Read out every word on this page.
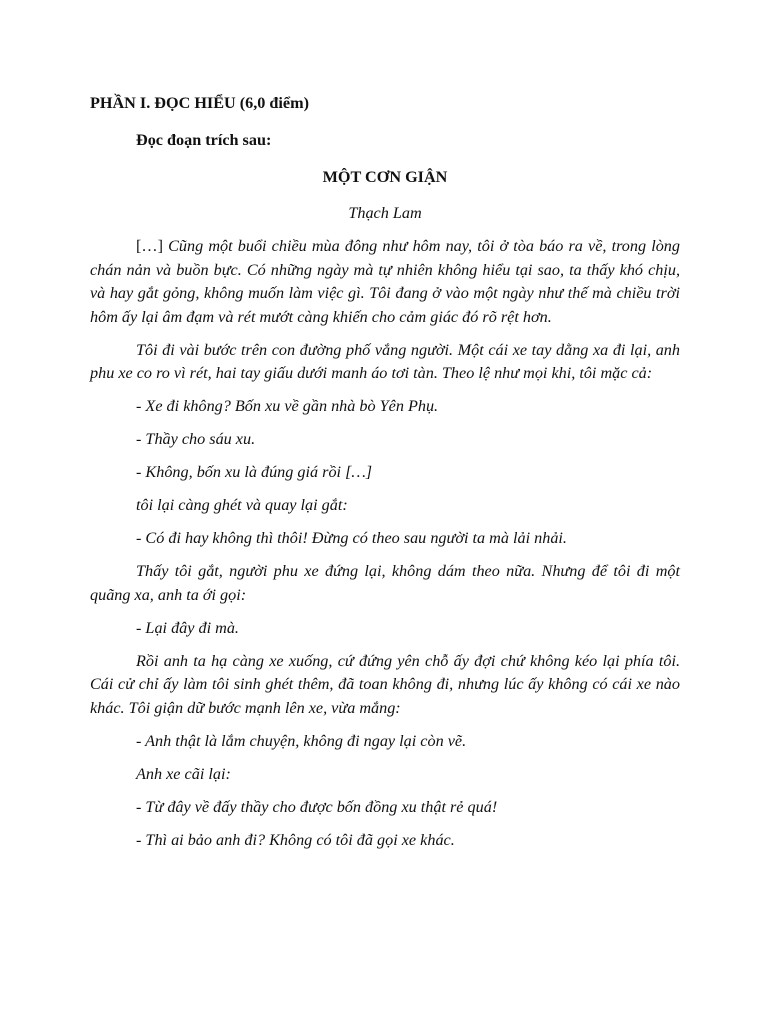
PHẦN I. ĐỌC HIỂU (6,0 điểm)

Đọc đoạn trích sau:

MỘT CƠN GIẬN

Thạch Lam

[…] Cũng một buổi chiều mùa đông như hôm nay, tôi ở tòa báo ra về, trong lòng chán nản và buồn bực. Có những ngày mà tự nhiên không hiểu tại sao, ta thấy khó chịu, và hay gắt gỏng, không muốn làm việc gì. Tôi đang ở vào một ngày như thế mà chiều trời hôm ấy lại âm đạm và rét mướt càng khiến cho cảm giác đó rõ rệt hơn.

Tôi đi vài bước trên con đường phố vắng người. Một cái xe tay dằng xa đi lại, anh phu xe co ro vì rét, hai tay giấu dưới manh áo tơi tàn. Theo lệ như mọi khi, tôi mặc cả:

- Xe đi không? Bốn xu về gần nhà bò Yên Phụ.

- Thầy cho sáu xu.

- Không, bốn xu là đúng giá rồi […]

tôi lại càng ghét và quay lại gắt:

- Có đi hay không thì thôi! Đừng có theo sau người ta mà lải nhải.

Thấy tôi gắt, người phu xe đứng lại, không dám theo nữa. Nhưng để tôi đi một quãng xa, anh ta ới gọi:

- Lại đây đi mà.

Rồi anh ta hạ càng xe xuống, cứ đứng yên chỗ ấy đợi chứ không kéo lại phía tôi. Cái cử chỉ ấy làm tôi sinh ghét thêm, đã toan không đi, nhưng lúc ấy không có cái xe nào khác. Tôi giận dữ bước mạnh lên xe, vừa mắng:

- Anh thật là lắm chuyện, không đi ngay lại còn vẽ.

Anh xe cãi lại:

- Từ đây về đấy thầy cho được bốn đồng xu thật rẻ quá!

- Thì ai bảo anh đi? Không có tôi đã gọi xe khác.
